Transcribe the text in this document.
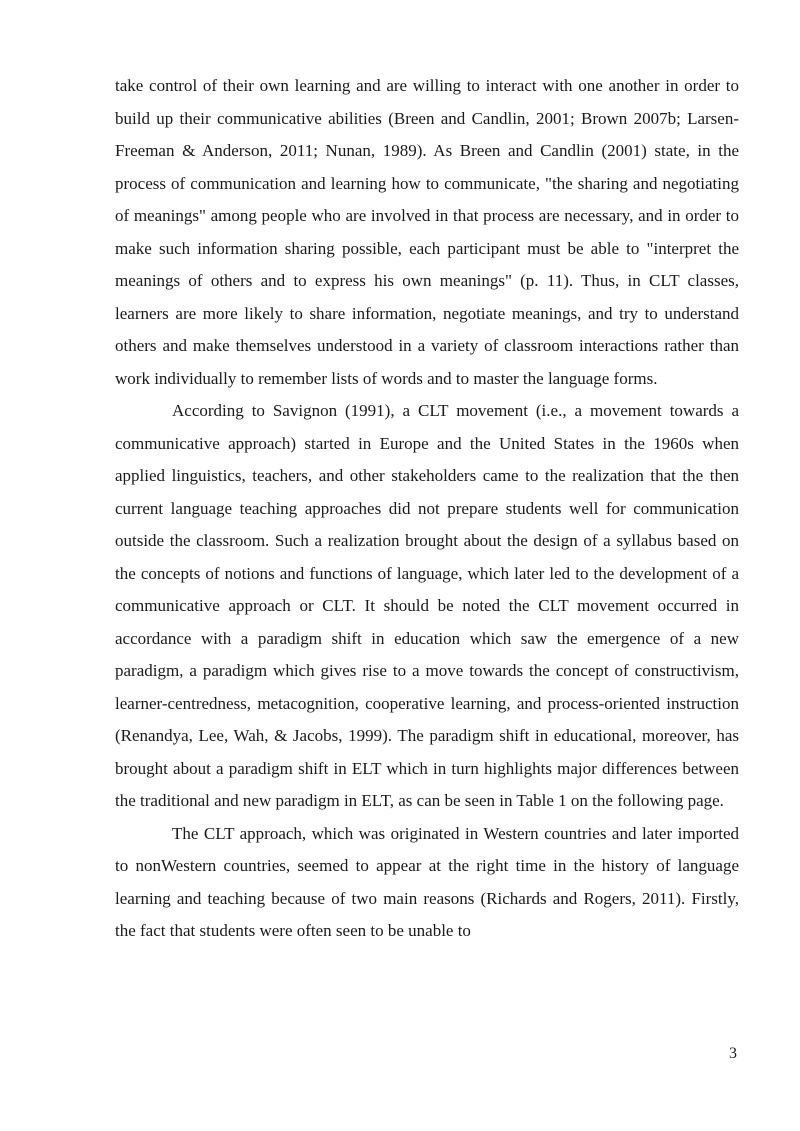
take control of their own learning and are willing to interact with one another in order to build up their communicative abilities (Breen and Candlin, 2001; Brown 2007b; Larsen-Freeman & Anderson, 2011; Nunan, 1989). As Breen and Candlin (2001) state, in the process of communication and learning how to communicate, "the sharing and negotiating of meanings" among people who are involved in that process are necessary, and in order to make such information sharing possible, each participant must be able to "interpret the meanings of others and to express his own meanings" (p. 11). Thus, in CLT classes, learners are more likely to share information, negotiate meanings, and try to understand others and make themselves understood in a variety of classroom interactions rather than work individually to remember lists of words and to master the language forms.

According to Savignon (1991), a CLT movement (i.e., a movement towards a communicative approach) started in Europe and the United States in the 1960s when applied linguistics, teachers, and other stakeholders came to the realization that the then current language teaching approaches did not prepare students well for communication outside the classroom. Such a realization brought about the design of a syllabus based on the concepts of notions and functions of language, which later led to the development of a communicative approach or CLT. It should be noted the CLT movement occurred in accordance with a paradigm shift in education which saw the emergence of a new paradigm, a paradigm which gives rise to a move towards the concept of constructivism, learner-centredness, metacognition, cooperative learning, and process-oriented instruction (Renandya, Lee, Wah, & Jacobs, 1999). The paradigm shift in educational, moreover, has brought about a paradigm shift in ELT which in turn highlights major differences between the traditional and new paradigm in ELT, as can be seen in Table 1 on the following page.

The CLT approach, which was originated in Western countries and later imported to nonWestern countries, seemed to appear at the right time in the history of language learning and teaching because of two main reasons (Richards and Rogers, 2011). Firstly, the fact that students were often seen to be unable to

3
